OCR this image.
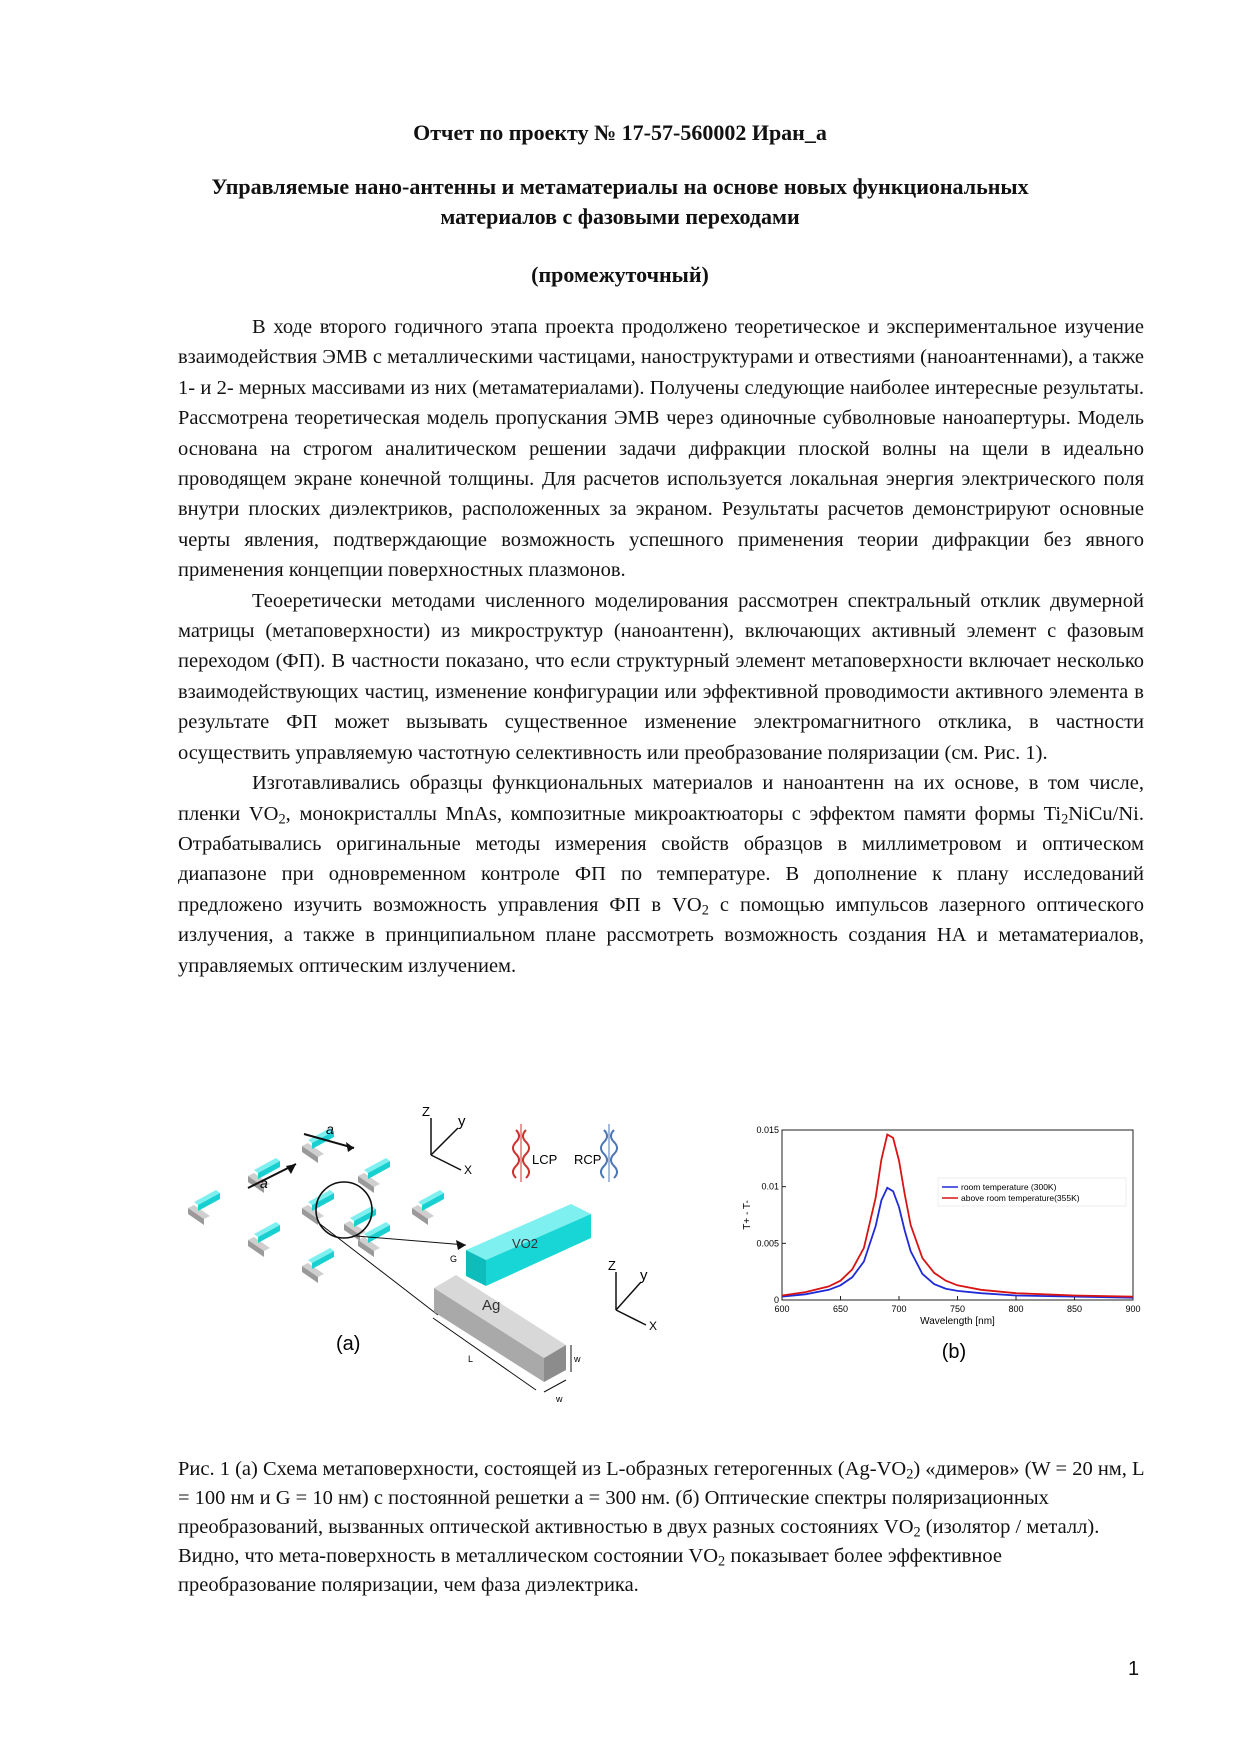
Отчет по проекту № 17-57-560002 Иран_а
Управляемые нано-антенны и метаматериалы на основе новых функциональных материалов с фазовыми переходами
(промежуточный)

В ходе второго годичного этапа проекта продолжено теоретическое и экспериментальное изучение взаимодействия ЭМВ с металлическими частицами, наноструктурами и отвестиями (наноантеннами), а также 1- и 2- мерных массивами из них (метаматериалами). Получены следующие наиболее интересные результаты. Рассмотрена теоретическая модель пропускания ЭМВ через одиночные субволновые наноапертуры. Модель основана на строгом аналитическом решении задачи дифракции плоской волны на щели в идеально проводящем экране конечной толщины. Для расчетов используется локальная энергия электрического поля внутри плоских диэлектриков, расположенных за экраном. Результаты расчетов демонстрируют основные черты явления, подтверждающие возможность успешного применения теории дифракции без явного применения концепции поверхностных плазмонов.

Теоеретически методами численного моделирования рассмотрен спектральный отклик двумерной матрицы (метаповерхности) из микроструктур (наноантенн), включающих активный элемент с фазовым переходом (ФП). В частности показано, что если структурный элемент метаповерхности включает несколько взаимодействующих частиц, изменение конфигурации или эффективной проводимости активного элемента в результате ФП может вызывать существенное изменение электромагнитного отклика, в частности осуществить управляемую частотную селективность или преобразование поляризации (см. Рис. 1).

Изготавливались образцы функциональных материалов и наноантенн на их основе, в том числе, пленки $VO_2$, монокристаллы MnAs, композитные микроактюаторы с эффектом памяти формы $Ti_2NiCu/Ni$. Отрабатывались оригинальные методы измерения свойств образцов в миллиметровом и оптическом диапазоне при одновременном контроле ФП по температуре. В дополнение к плану исследований предложено изучить возможность управления ФП в $VO_2$ с помощью импульсов лазерного оптического излучения, а также в принципиальном плане рассмотреть возможность создания НА и метаматериалов, управляемых оптическим излучением.

a
a
Z
y
X
LCP RCP
VO2
Ag
G
L	w
w
Z
y
X
(a)
600	650	700	750	800	850	900
0
0.005
0.01
0.015
Wavelength [nm]
T+ - T-
room temperature (300K)
above room temperature(355K)
(b)
Рис. 1 (а) Схема метаповерхности, состоящей из L-образных гетерогенных $(Ag-VO_2)$ «димеров» (W = 20 нм, L = 100 нм и G = 10 нм) с постоянной решетки a = 300 нм. (б) Оптические спектры поляризационных преобразований, вызванных оптической активностью в двух разных состояниях $VO_2$ (изолятор / металл). Видно, что мета-поверхность в металлическом состоянии $VO_2$ показывает более эффективное преобразование поляризации, чем фаза диэлектрика.
1
